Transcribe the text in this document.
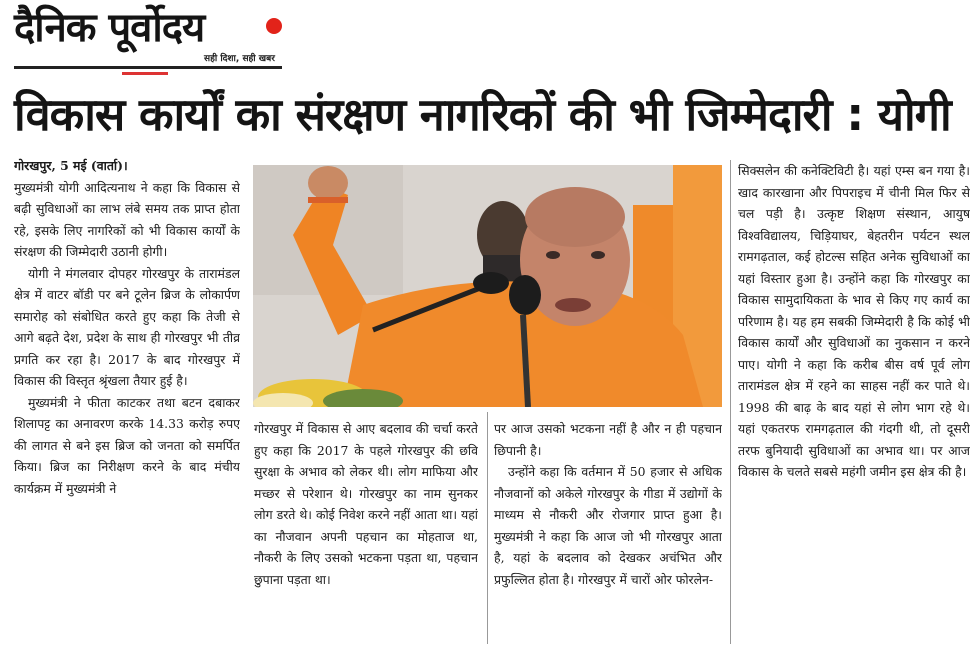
दैनिक पूर्वोदय
सही दिशा, सही खबर
विकास कार्यों का संरक्षण नागरिकों की भी जिम्मेदारी : योगी

गोरखपुर, 5 मई (वार्ता)।
मुख्यमंत्री योगी आदित्यनाथ ने कहा कि विकास से बढ़ी सुविधाओं का लाभ लंबे समय तक प्राप्त होता रहे, इसके लिए नागरिकों को भी विकास कार्यों के संरक्षण की जिम्मेदारी उठानी होगी।

योगी ने मंगलवार दोपहर गोरखपुर के तारामंडल क्षेत्र में वाटर बॉडी पर बने टूलेन ब्रिज के लोकार्पण समारोह को संबोधित करते हुए कहा कि तेजी से आगे बढ़ते देश, प्रदेश के साथ ही गोरखपुर भी तीव्र प्रगति कर रहा है। 2017 के बाद गोरखपुर में विकास की विस्तृत श्रृंखला तैयार हुई है।

मुख्यमंत्री ने फीता काटकर तथा बटन दबाकर शिलापट्ट का अनावरण करके 14.33 करोड़ रुपए की लागत से बने इस ब्रिज को जनता को समर्पित किया। ब्रिज का निरीक्षण करने के बाद मंचीय कार्यक्रम में मुख्यमंत्री ने

गोरखपुर में विकास से आए बदलाव की चर्चा करते हुए कहा कि 2017 के पहले गोरखपुर की छवि सुरक्षा के अभाव को लेकर थी। लोग माफिया और मच्छर से परेशान थे। गोरखपुर का नाम सुनकर लोग डरते थे। कोई निवेश करने नहीं आता था। यहां का नौजवान अपनी पहचान का मोहताज था, नौकरी के लिए उसको भटकना पड़ता था, पहचान छुपाना पड़ता था।

पर आज उसको भटकना नहीं है और न ही पहचान छिपानी है।

उन्होंने कहा कि वर्तमान में 50 हजार से अधिक नौजवानों को अकेले गोरखपुर के गीडा में उद्योगों के माध्यम से नौकरी और रोजगार प्राप्त हुआ है। मुख्यमंत्री ने कहा कि आज जो भी गोरखपुर आता है, यहां के बदलाव को देखकर अचंभित और प्रफुल्लित होता है। गोरखपुर में चारों ओर फोरलेन-

सिक्सलेन की कनेक्टिविटी है। यहां एम्स बन गया है। खाद कारखाना और पिपराइच में चीनी मिल फिर से चल पड़ी है। उत्कृष्ट शिक्षण संस्थान, आयुष विश्वविद्यालय, चिड़ियाघर, बेहतरीन पर्यटन स्थल रामगढ़ताल, कई होटल्स सहित अनेक सुविधाओं का यहां विस्तार हुआ है। उन्होंने कहा कि गोरखपुर का विकास सामुदायिकता के भाव से किए गए कार्य का परिणाम है। यह हम सबकी जिम्मेदारी है कि कोई भी विकास कार्यों और सुविधाओं का नुकसान न करने पाए। योगी ने कहा कि करीब बीस वर्ष पूर्व लोग तारामंडल क्षेत्र में रहने का साहस नहीं कर पाते थे। 1998 की बाढ़ के बाद यहां से लोग भाग रहे थे। यहां एकतरफ रामगढ़ताल की गंदगी थी, तो दूसरी तरफ बुनियादी सुविधाओं का अभाव था। पर आज विकास के चलते सबसे महंगी जमीन इस क्षेत्र की है।
